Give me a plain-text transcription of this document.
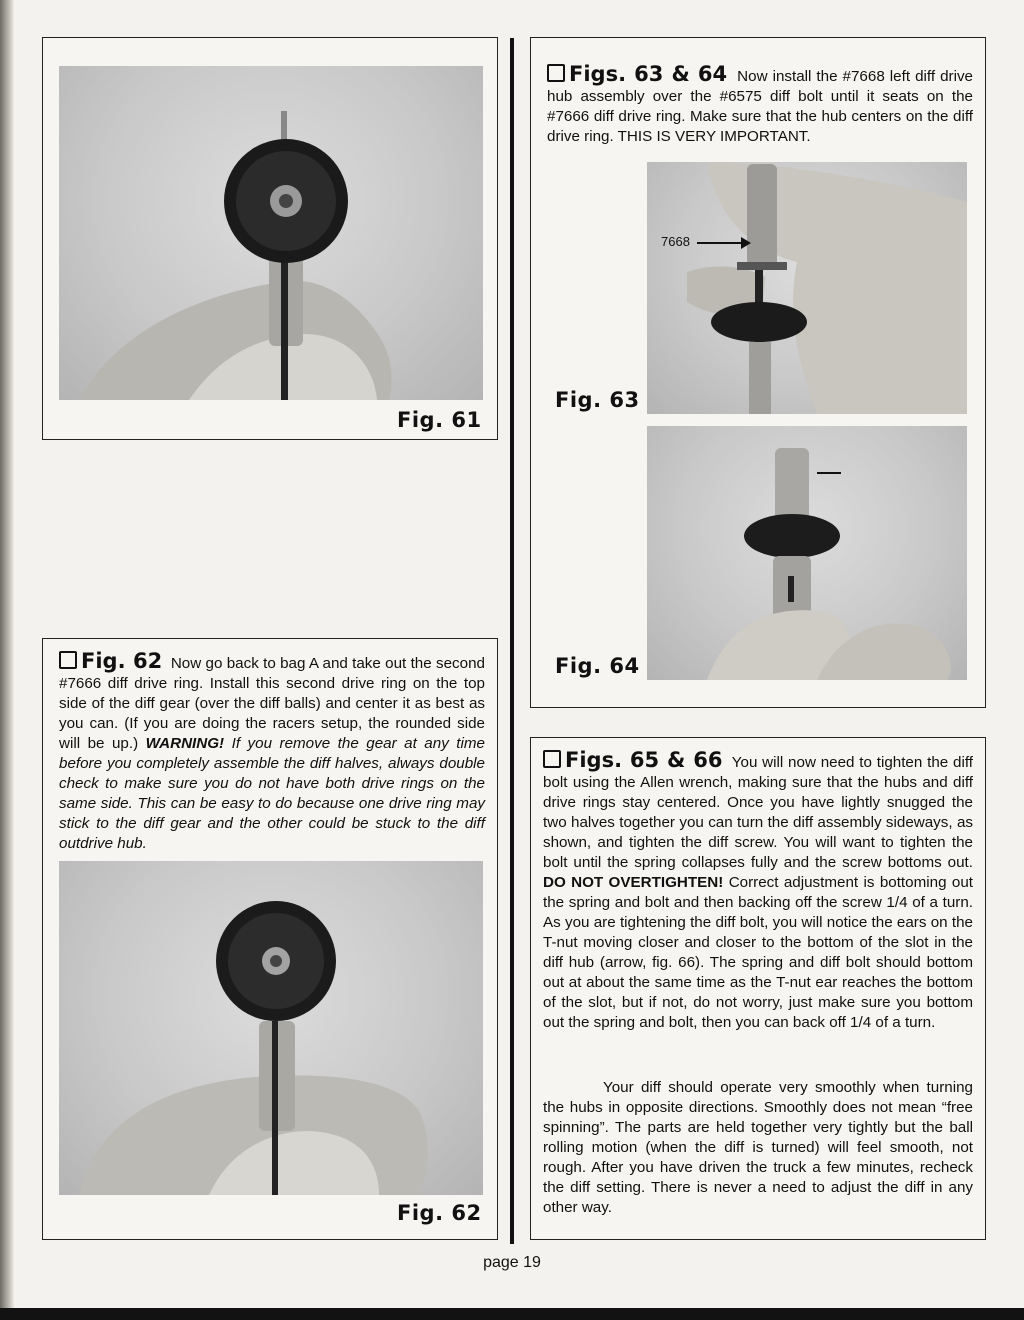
Fig. 61

Fig. 62 Now go back to bag A and take out the second #7666 diff drive ring. Install this second drive ring on the top side of the diff gear (over the diff balls) and center it as best as you can. (If you are doing the racers setup, the rounded side will be up.) WARNING! If you remove the gear at any time before you completely assemble the diff halves, always double check to make sure you do not have both drive rings on the same side. This can be easy to do because one drive ring may stick to the diff gear and the other could be stuck to the diff outdrive hub.

Fig. 62

Figs. 63 & 64 Now install the #7668 left diff drive hub assembly over the #6575 diff bolt until it seats on the #7666 diff drive ring. Make sure that the hub centers on the diff drive ring. THIS IS VERY IMPORTANT.

7668
Fig. 63
Fig. 64

Figs. 65 & 66 You will now need to tighten the diff bolt using the Allen wrench, making sure that the hubs and diff drive rings stay centered. Once you have lightly snugged the two halves together you can turn the diff assembly sideways, as shown, and tighten the diff screw. You will want to tighten the bolt until the spring collapses fully and the screw bottoms out. DO NOT OVERTIGHTEN! Correct adjustment is bottoming out the spring and bolt and then backing off the screw 1/4 of a turn. As you are tightening the diff bolt, you will notice the ears on the T-nut moving closer and closer to the bottom of the slot in the diff hub (arrow, fig. 66). The spring and diff bolt should bottom out at about the same time as the T-nut ear reaches the bottom of the slot, but if not, do not worry, just make sure you bottom out the spring and bolt, then you can back off 1/4 of a turn.

Your diff should operate very smoothly when turning the hubs in opposite directions. Smoothly does not mean “free spinning”. The parts are held together very tightly but the ball rolling motion (when the diff is turned) will feel smooth, not rough. After you have driven the truck a few minutes, recheck the diff setting. There is never a need to adjust the diff in any other way.

page 19
